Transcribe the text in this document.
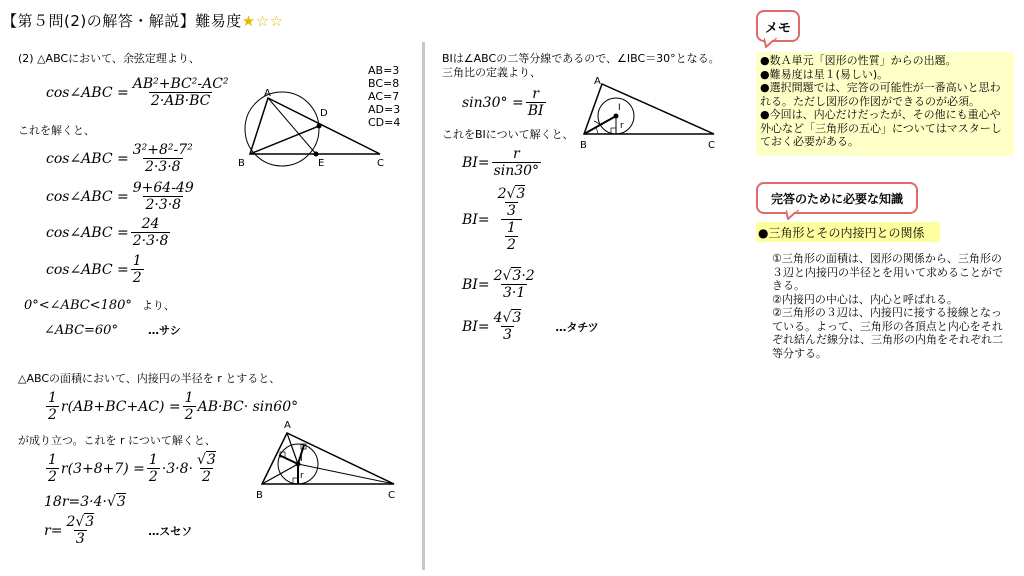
【第５問(2)の解答・解説】難易度★☆☆
(2) △ABCにおいて、余弦定理より、
AB=3
BC=8
AC=7
AD=3
CD=4
cos∠ABC = $\frac{\text{AB²+BC²-AC²}}{2\cdot AB\cdot BC}$
これを解くと、
cos∠ABC = $\frac{\text{3²+8²-7²}}{2\cdot 3\cdot 8}$
cos∠ABC = $\frac{9+64-49}{2\cdot 3\cdot 8}$
cos∠ABC = $\frac{24}{2\cdot 3\cdot 8}$
cos∠ABC = $\frac{1}{2}$
0°<∠ABC<180° より、
∠ABC=60°	…サシ
△ABCの面積において、内接円の半径を r とすると、
$\frac{1}{2} r(AB+BC+AC) = \frac{1}{2} AB\cdot BC\cdot \sin 60^\circ$
が成り立つ。これを r について解くと、
$\frac{1}{2} r(3+8+7) = \frac{1}{2} \cdot 3\cdot 8\cdot \frac{√3}{2}$
18r=3·4· √3
$r= \frac{2√3}{3}$	…スセソ
A
B	C
D
E
A
B	C
I
r
BIは∠ABCの二等分線であるので、∠IBC＝30°となる。
三角比の定義より、
$\sin 30^\circ = \frac{r}{BI}$
これをBIについて解くと、
$BI= \frac{r}{\sin 30^\circ}$
$BI= \frac{\frac{2√3}{3}}{\frac{1}{2}}$
$BI= \frac{2√3\cdot 2}{3\cdot 1}$
$BI= \frac{4√3}{3}$	…タチツ
A
B	C
I
r
メモ
●数Ａ単元「図形の性質」からの出題。
●難易度は星１(易しい)。
●選択問題では、完答の可能性が一番高いと思われる。ただし図形の作図ができるのが必須。
●今回は、内心だけだったが、その他にも重心や外心など「三角形の五心」についてはマスターしておく必要がある。
完答のために必要な知識
●三角形とその内接円との関係
①三角形の面積は、図形の関係から、三角形の３辺と内接円の半径とを用いて求めることができる。
②内接円の中心は、内心と呼ばれる。
②三角形の３辺は、内接円に接する接線となっている。よって、三角形の各頂点と内心をそれぞれ結んだ線分は、三角形の内角をそれぞれ二等分する。
